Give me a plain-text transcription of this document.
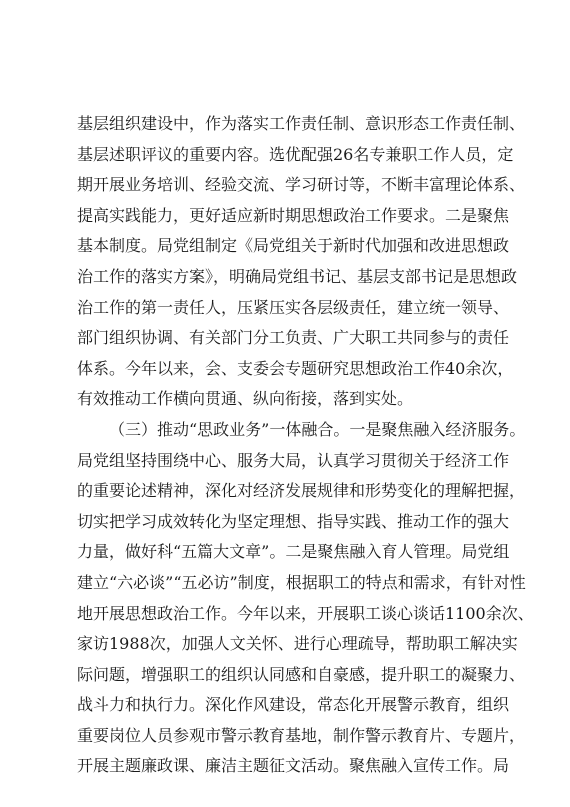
基层组织建设中，作为落实工作责任制、意识形态工作责任制、
基层述职评议的重要内容。选优配强26名专兼职工作人员，定
期开展业务培训、经验交流、学习研讨等，不断丰富理论体系、
提高实践能力，更好适应新时期思想政治工作要求。二是聚焦
基本制度。局党组制定《局党组关于新时代加强和改进思想政
治工作的落实方案》，明确局党组书记、基层支部书记是思想政
治工作的第一责任人，压紧压实各层级责任，建立统一领导、
部门组织协调、有关部门分工负责、广大职工共同参与的责任
体系。今年以来，会、支委会专题研究思想政治工作40余次，
有效推动工作横向贯通、纵向衔接，落到实处。
（三）推动“思政业务”一体融合。一是聚焦融入经济服务。
局党组坚持围绕中心、服务大局，认真学习贯彻关于经济工作
的重要论述精神，深化对经济发展规律和形势变化的理解把握，
切实把学习成效转化为坚定理想、指导实践、推动工作的强大
力量，做好科“五篇大文章”。二是聚焦融入育人管理。局党组
建立“六必谈”“五必访”制度，根据职工的特点和需求，有针对性
地开展思想政治工作。今年以来，开展职工谈心谈话1100余次、
家访1988次，加强人文关怀、进行心理疏导，帮助职工解决实
际问题，增强职工的组织认同感和自豪感，提升职工的凝聚力、
战斗力和执行力。深化作风建设，常态化开展警示教育，组织
重要岗位人员参观市警示教育基地，制作警示教育片、专题片，
开展主题廉政课、廉洁主题征文活动。聚焦融入宣传工作。局
